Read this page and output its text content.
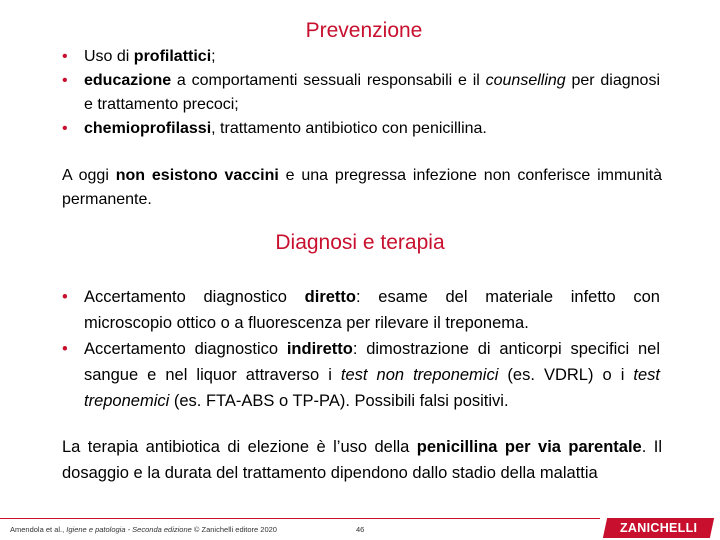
Prevenzione
• Uso di profilattici;
• educazione a comportamenti sessuali responsabili e il counselling per diagnosi e trattamento precoci;
• chemioprofilassi, trattamento antibiotico con penicillina.

A oggi non esistono vaccini e una pregressa infezione non conferisce immunità permanente.

Diagnosi e terapia
• Accertamento diagnostico diretto: esame del materiale infetto con microscopio ottico o a fluorescenza per rilevare il treponema.
• Accertamento diagnostico indiretto: dimostrazione di anticorpi specifici nel sangue e nel liquor attraverso i test non treponemici (es. VDRL) o i test treponemici (es. FTA-ABS o TP-PA). Possibili falsi positivi.

La terapia antibiotica di elezione è l’uso della penicillina per via parentale. Il dosaggio e la durata del trattamento dipendono dallo stadio della malattia

Amendola et al., Igiene e patologia - Seconda edizione © Zanichelli editore 2020	46	ZANICHELLI
